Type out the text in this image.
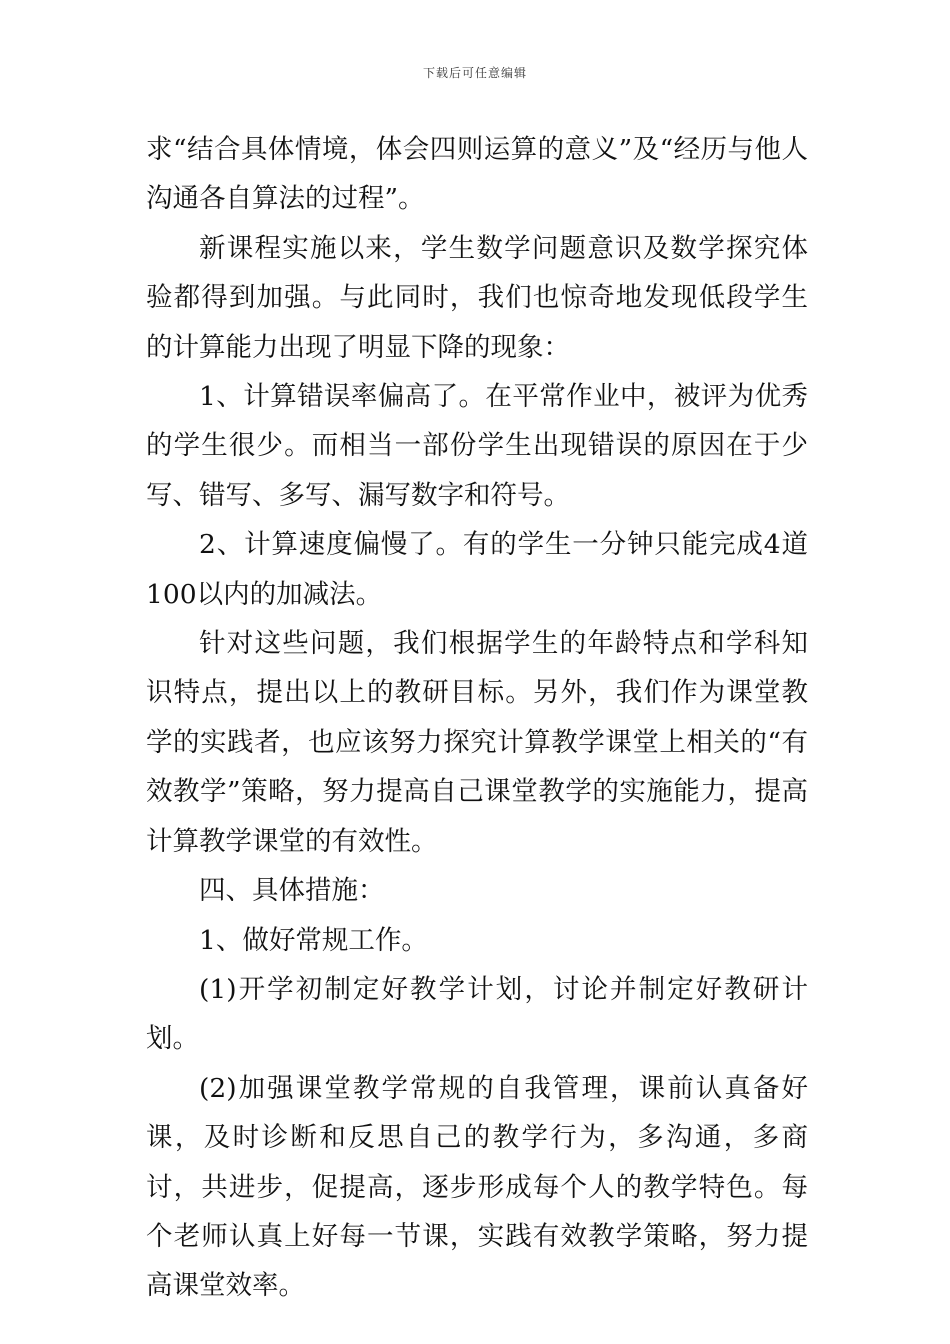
下载后可任意编辑

求“结合具体情境，体会四则运算的意义”及“经历与他人沟通各自算法的过程”。

新课程实施以来，学生数学问题意识及数学探究体验都得到加强。与此同时，我们也惊奇地发现低段学生的计算能力出现了明显下降的现象：

1、计算错误率偏高了。在平常作业中，被评为优秀的学生很少。而相当一部份学生出现错误的原因在于少写、错写、多写、漏写数字和符号。

2、计算速度偏慢了。有的学生一分钟只能完成4道100以内的加减法。

针对这些问题，我们根据学生的年龄特点和学科知识特点，提出以上的教研目标。另外，我们作为课堂教学的实践者，也应该努力探究计算教学课堂上相关的“有效教学”策略，努力提高自己课堂教学的实施能力，提高计算教学课堂的有效性。

四、具体措施：

1、做好常规工作。

(1)开学初制定好教学计划，讨论并制定好教研计划。

(2)加强课堂教学常规的自我管理，课前认真备好课，及时诊断和反思自己的教学行为，多沟通，多商讨，共进步，促提高，逐步形成每个人的教学特色。每个老师认真上好每一节课，实践有效教学策略，努力提高课堂效率。
